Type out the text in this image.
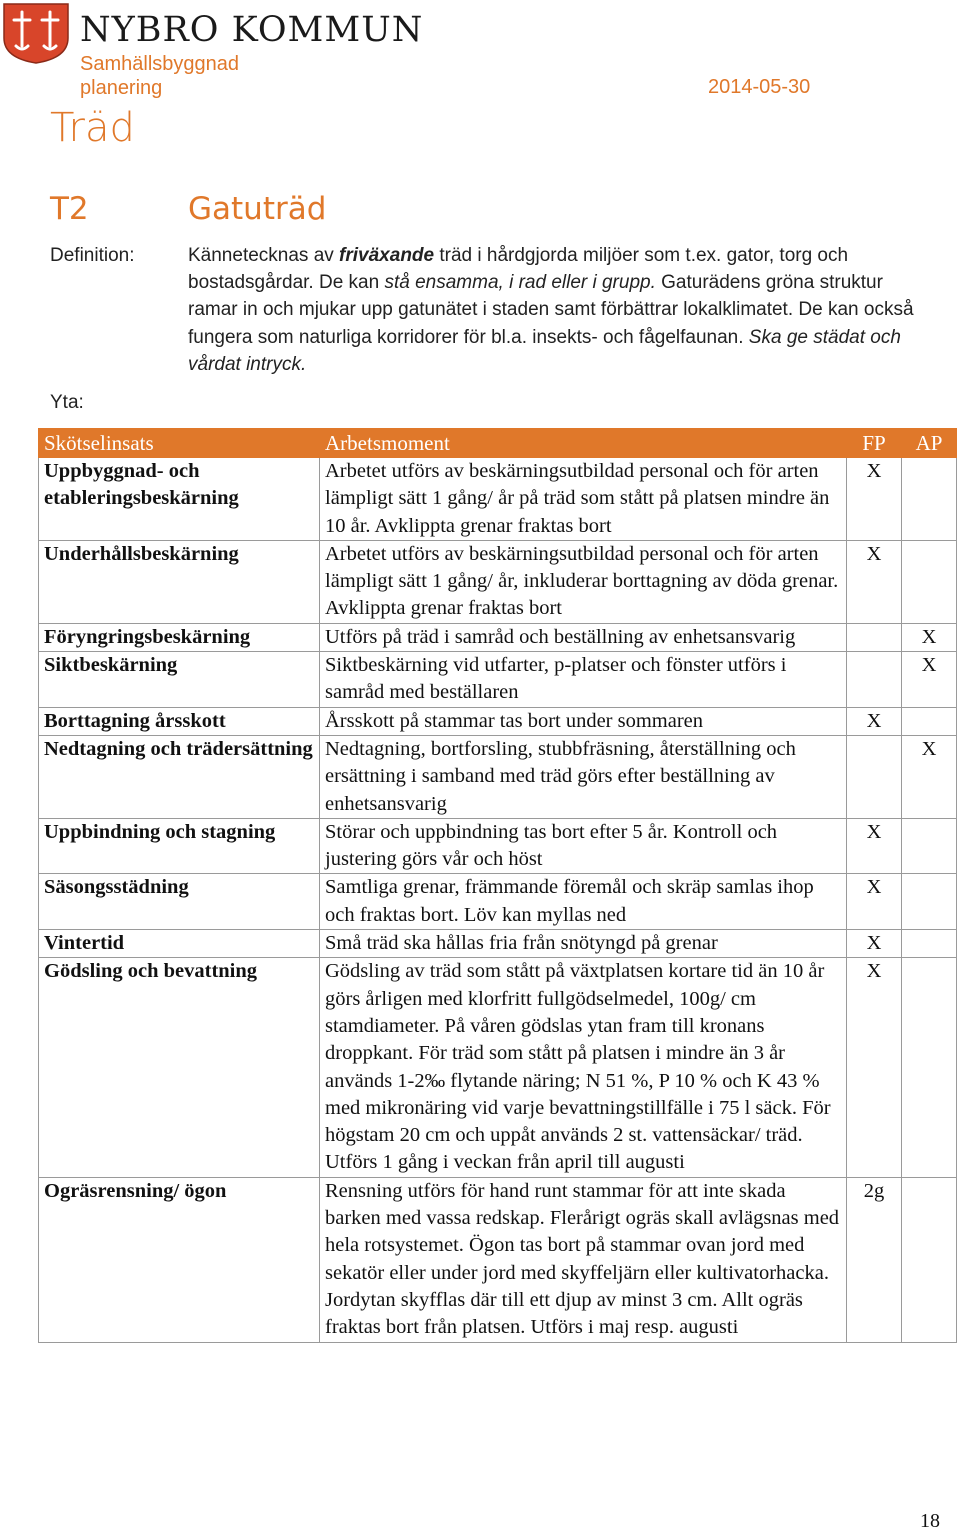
NYBRO KOMMUN
Samhällsbyggnad planering	2014-05-30
Träd
T2	Gatuträd
Definition:	Kännetecknas av friväxande träd i hårdgjorda miljöer som t.ex. gator, torg och bostadsgårdar. De kan stå ensamma, i rad eller i grupp. Gaturädens gröna struktur ramar in och mjukar upp gatunätet i staden samt förbättrar lokalklimatet. De kan också fungera som naturliga korridorer för bl.a. insekts- och fågelfaunan. Ska ge städat och vårdat intryck.

Yta:
Skötselinsats	Arbetsmoment	FP	AP
Uppbyggnad- och etableringsbeskärning	Arbetet utförs av beskärningsutbildad personal och för arten lämpligt sätt 1 gång/ år på träd som stått på platsen mindre än 10 år. Avklippta grenar fraktas bort	X	
Underhållsbeskärning	Arbetet utförs av beskärningsutbildad personal och för arten lämpligt sätt 1 gång/ år, inkluderar borttagning av döda grenar. Avklippta grenar fraktas bort	X	
Föryngringsbeskärning	Utförs på träd i samråd och beställning av enhetsansvarig		X
Siktbeskärning	Siktbeskärning vid utfarter, p-platser och fönster utförs i samråd med beställaren		X
Borttagning årsskott	Årsskott på stammar tas bort under sommaren	X	
Nedtagning och trädersättning	Nedtagning, bortforsling, stubbfräsning, återställning och ersättning i samband med träd görs efter beställning av enhetsansvarig		X
Uppbindning och stagning	Störar och uppbindning tas bort efter 5 år. Kontroll och justering görs vår och höst	X	
Säsongsstädning	Samtliga grenar, främmande föremål och skräp samlas ihop och fraktas bort. Löv kan myllas ned	X	
Vintertid	Små träd ska hållas fria från snötyngd på grenar	X	
Gödsling och bevattning	Gödsling av träd som stått på växtplatsen kortare tid än 10 år görs årligen med klorfritt fullgödselmedel, 100g/ cm stamdiameter. På våren gödslas ytan fram till kronans droppkant. För träd som stått på platsen i mindre än 3 år används 1-2‰ flytande näring; N 51 %, P 10 % och K 43 % med mikronäring vid varje bevattningstillfälle i 75 l säck. För högstam 20 cm och uppåt används 2 st. vattensäckar/ träd. Utförs 1 gång i veckan från april till augusti	X	
Ogräsrensning/ ögon	Rensning utförs för hand runt stammar för att inte skada barken med vassa redskap. Flerårigt ogräs skall avlägsnas med hela rotsystemet. Ögon tas bort på stammar ovan jord med sekatör eller under jord med skyffeljärn eller kultivatorhacka. Jordytan skyfflas där till ett djup av minst 3 cm. Allt ogräs fraktas bort från platsen. Utförs i maj resp. augusti	2g	
18
